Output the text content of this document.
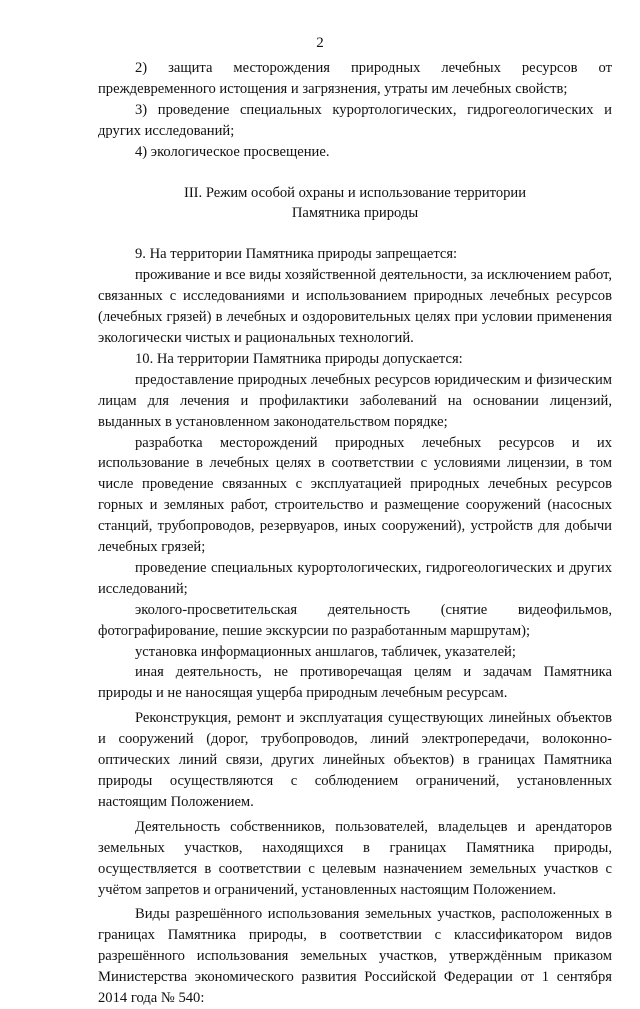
2

2) защита месторождения природных лечебных ресурсов от преждевременного истощения и загрязнения, утраты им лечебных свойств;

3) проведение специальных курортологических, гидрогеологических и других исследований;

4) экологическое просвещение.

III. Режим особой охраны и использование территории
Памятника природы

9. На территории Памятника природы запрещается:

проживание и все виды хозяйственной деятельности, за исключением работ, связанных с исследованиями и использованием природных лечебных ресурсов (лечебных грязей) в лечебных и оздоровительных целях при условии применения экологически чистых и рациональных технологий.

10. На территории Памятника природы допускается:

предоставление природных лечебных ресурсов юридическим и физическим лицам для лечения и профилактики заболеваний на основании лицензий, выданных в установленном законодательством порядке;

разработка месторождений природных лечебных ресурсов и их использование в лечебных целях в соответствии с условиями лицензии, в том числе проведение связанных с эксплуатацией природных лечебных ресурсов горных и земляных работ, строительство и размещение сооружений (насосных станций, трубопроводов, резервуаров, иных сооружений), устройств для добычи лечебных грязей;

проведение специальных курортологических, гидрогеологических и других исследований;

эколого-просветительская деятельность (снятие видеофильмов, фотографирование, пешие экскурсии по разработанным маршрутам);

установка информационных аншлагов, табличек, указателей;

иная деятельность, не противоречащая целям и задачам Памятника природы и не наносящая ущерба природным лечебным ресурсам.

Реконструкция, ремонт и эксплуатация существующих линейных объектов и сооружений (дорог, трубопроводов, линий электропередачи, волоконно-оптических линий связи, других линейных объектов) в границах Памятника природы осуществляются с соблюдением ограничений, установленных настоящим Положением.

Деятельность собственников, пользователей, владельцев и арендаторов земельных участков, находящихся в границах Памятника природы, осуществляется в соответствии с целевым назначением земельных участков с учётом запретов и ограничений, установленных настоящим Положением.

Виды разрешённого использования земельных участков, расположенных в границах Памятника природы, в соответствии с классификатором видов разрешённого использования земельных участков, утверждённым приказом Министерства экономического развития Российской Федерации от 1 сентября 2014 года № 540:
